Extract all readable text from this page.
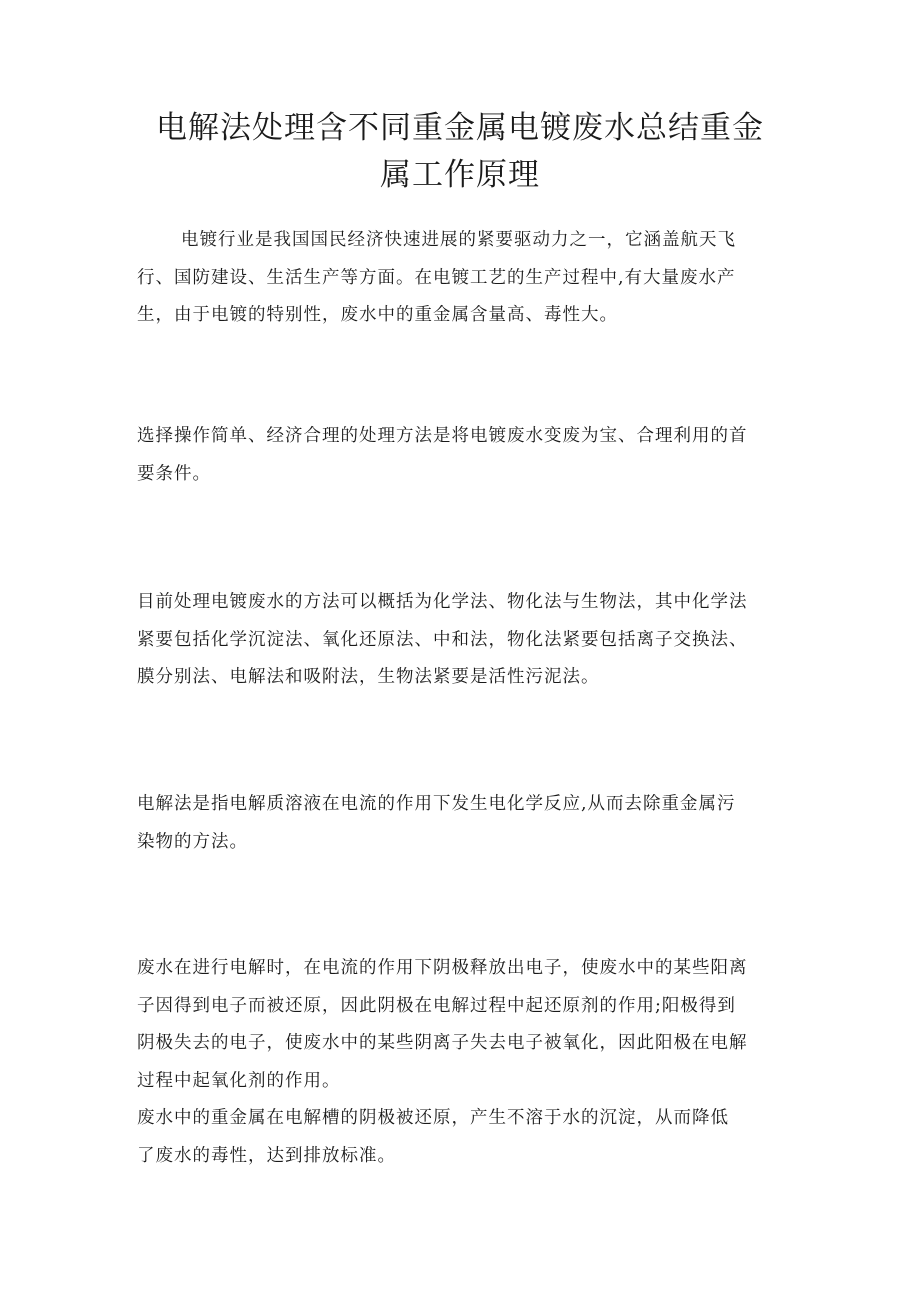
电解法处理含不同重金属电镀废水总结重金
属工作原理

电镀行业是我国国民经济快速进展的紧要驱动力之一，它涵盖航天飞
行、国防建设、生活生产等方面。在电镀工艺的生产过程中,有大量废水产
生，由于电镀的特别性，废水中的重金属含量高、毒性大。

选择操作简单、经济合理的处理方法是将电镀废水变废为宝、合理利用的首
要条件。

目前处理电镀废水的方法可以概括为化学法、物化法与生物法，其中化学法
紧要包括化学沉淀法、氧化还原法、中和法，物化法紧要包括离子交换法、
膜分别法、电解法和吸附法，生物法紧要是活性污泥法。

电解法是指电解质溶液在电流的作用下发生电化学反应,从而去除重金属污
染物的方法。

废水在进行电解时，在电流的作用下阴极释放出电子，使废水中的某些阳离
子因得到电子而被还原，因此阴极在电解过程中起还原剂的作用;阳极得到
阴极失去的电子，使废水中的某些阴离子失去电子被氧化，因此阳极在电解
过程中起氧化剂的作用。
废水中的重金属在电解槽的阴极被还原，产生不溶于水的沉淀，从而降低
了废水的毒性，达到排放标准。
